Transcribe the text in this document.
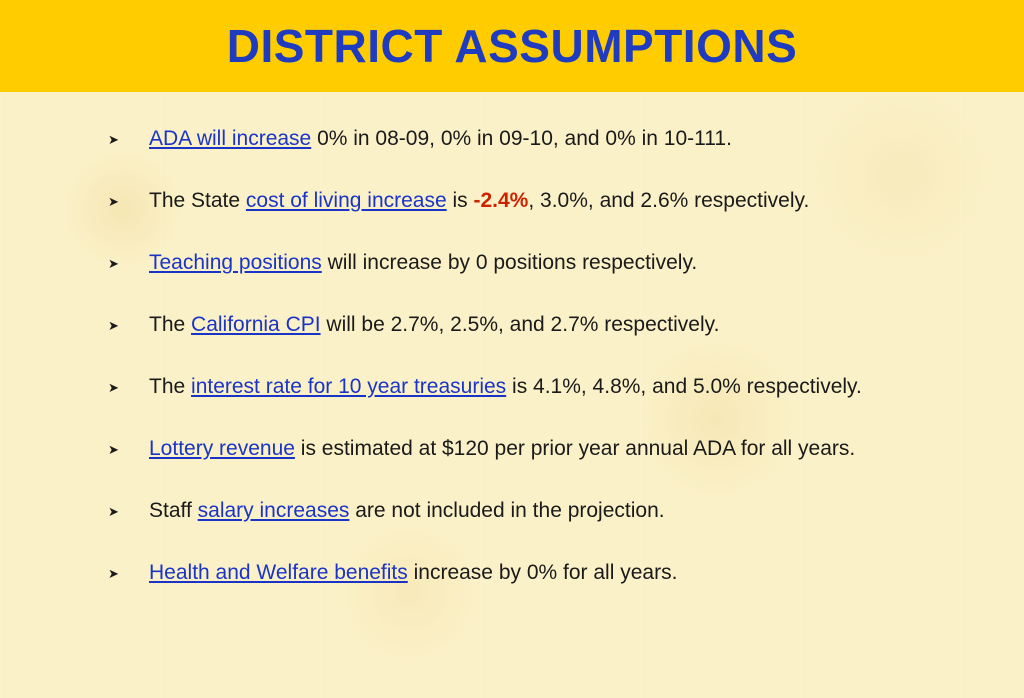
DISTRICT ASSUMPTIONS
➤ ADA will increase 0% in 08-09, 0% in 09-10, and 0% in 10-111.
➤ The State cost of living increase is -2.4%, 3.0%, and 2.6% respectively.
➤ Teaching positions will increase by 0 positions respectively.
➤ The California CPI will be 2.7%, 2.5%, and 2.7% respectively.
➤ The interest rate for 10 year treasuries is 4.1%, 4.8%, and 5.0% respectively.
➤ Lottery revenue is estimated at $120 per prior year annual ADA for all years.
➤ Staff salary increases are not included in the projection.
➤ Health and Welfare benefits increase by 0% for all years.
